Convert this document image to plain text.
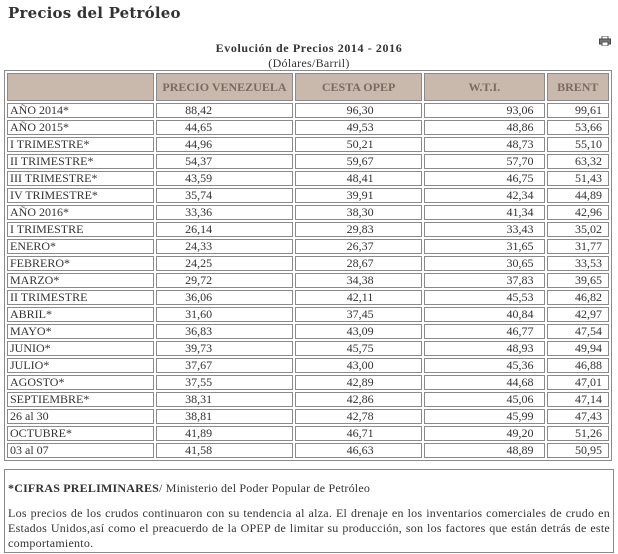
Precios del Petróleo
Evolución de Precios 2014 - 2016
(Dólares/Barril)
	PRECIO VENEZUELA	CESTA OPEP	W.T.I.	BRENT
AÑO 2014*	88,42	96,30	93,06	99,61
AÑO 2015*	44,65	49,53	48,86	53,66
I TRIMESTRE*	44,96	50,21	48,73	55,10
II TRIMESTRE*	54,37	59,67	57,70	63,32
III TRIMESTRE*	43,59	48,41	46,75	51,43
IV TRIMESTRE*	35,74	39,91	42,34	44,89
AÑO 2016*	33,36	38,30	41,34	42,96
I TRIMESTRE	26,14	29,83	33,43	35,02
ENERO*	24,33	26,37	31,65	31,77
FEBRERO*	24,25	28,67	30,65	33,53
MARZO*	29,72	34,38	37,83	39,65
II TRIMESTRE	36,06	42,11	45,53	46,82
ABRIL*	31,60	37,45	40,84	42,97
MAYO*	36,83	43,09	46,77	47,54
JUNIO*	39,73	45,75	48,93	49,94
JULIO*	37,67	43,00	45,36	46,88
AGOSTO*	37,55	42,89	44,68	47,01
SEPTIEMBRE*	38,31	42,86	45,06	47,14
26 al 30	38,81	42,78	45,99	47,43
OCTUBRE*	41,89	46,71	49,20	51,26
03 al 07	41,58	46,63	48,89	50,95
*CIFRAS PRELIMINARES/ Ministerio del Poder Popular de Petróleo
Los precios de los crudos continuaron con su tendencia al alza. El drenaje en los inventarios comerciales de crudo en Estados Unidos,así como el preacuerdo de la OPEP de limitar su producción, son los factores que están detrás de este comportamiento.
